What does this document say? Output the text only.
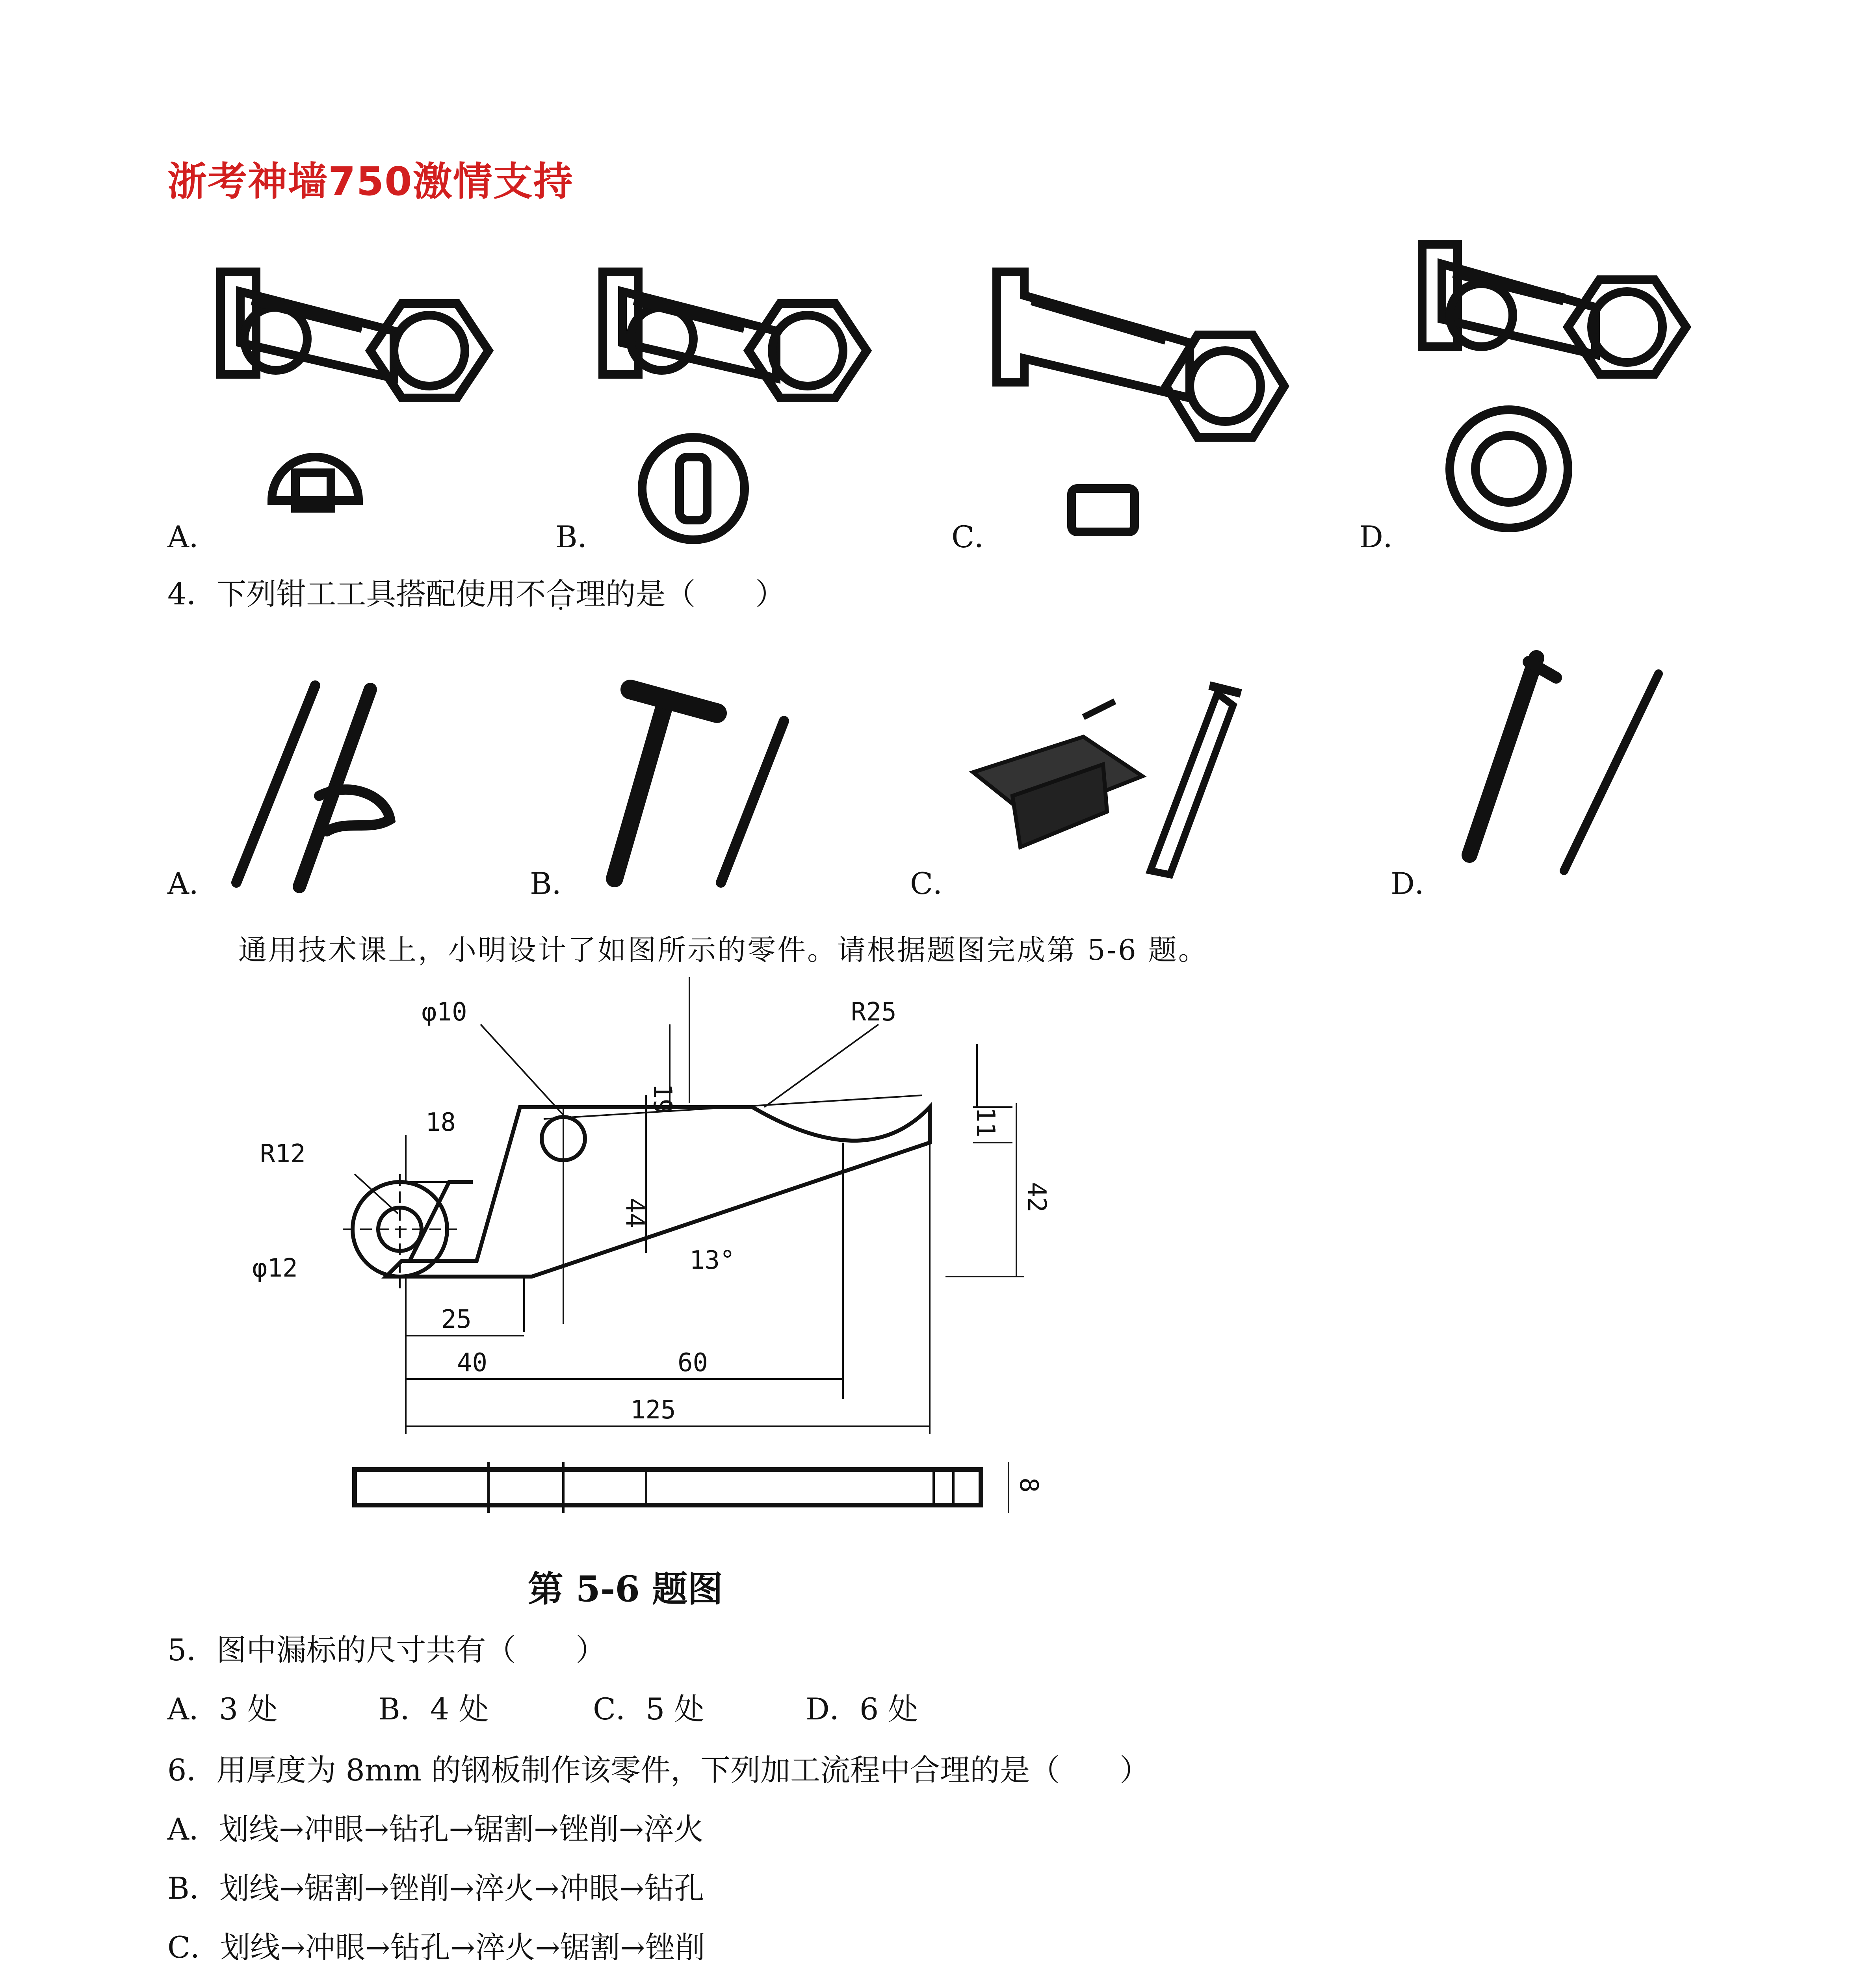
浙考神墙750激情支持
A．	B．	C．	D．
4．下列钳工工具搭配使用不合理的是（　　）
A．	B．	C．	D．
通用技术课上，小明设计了如图所示的零件。请根据题图完成第 5-6 题。
φ10	R25
R12
φ12
18
19
44
11
42
13°
25
40	60
125
8
第 5-6 题图
5．图中漏标的尺寸共有（　　）
A．3 处	B．4 处	C．5 处	D．6 处
6．用厚度为 8mm 的钢板制作该零件，下列加工流程中合理的是（　　）
A．划线→冲眼→钻孔→锯割→锉削→淬火
B．划线→锯割→锉削→淬火→冲眼→钻孔
C．划线→冲眼→钻孔→淬火→锯割→锉削
